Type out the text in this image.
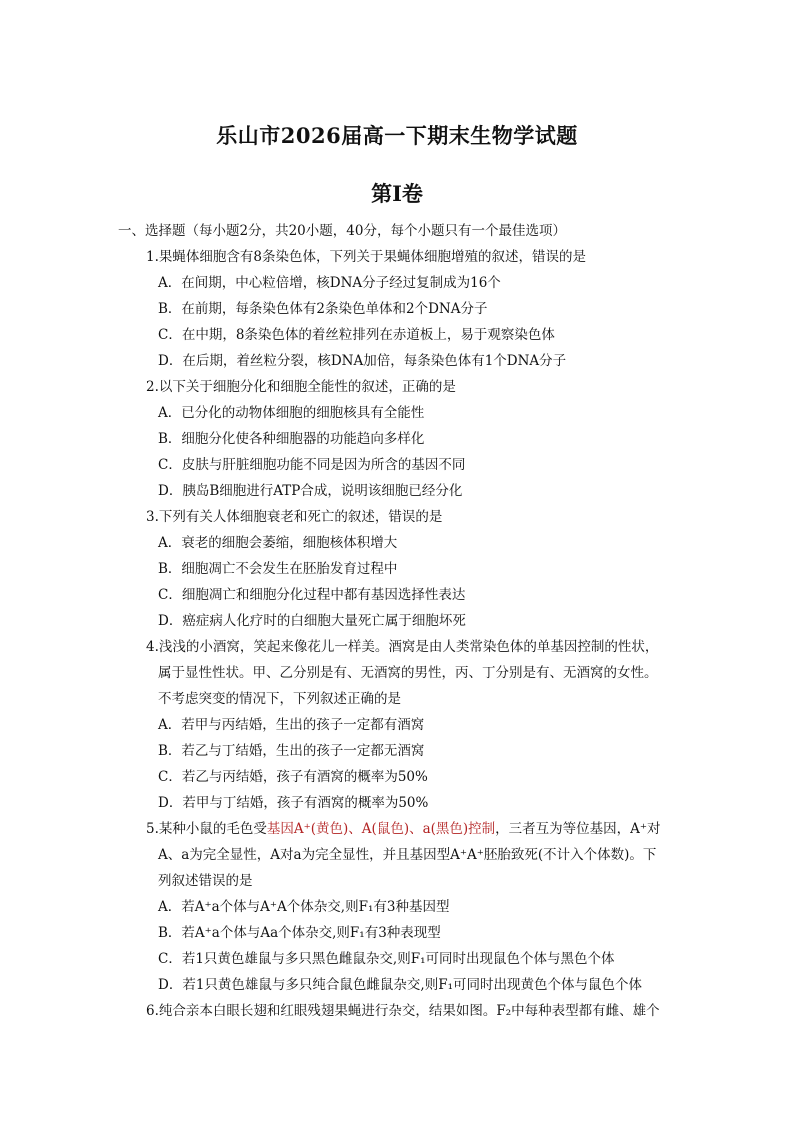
乐山市2026届高一下期末生物学试题
第Ⅰ卷
一、选择题（每小题2分，共20小题，40分，每个小题只有一个最佳选项）
1.果蝇体细胞含有8条染色体，下列关于果蝇体细胞增殖的叙述，错误的是
A．在间期，中心粒倍增，核DNA分子经过复制成为16个
B．在前期，每条染色体有2条染色单体和2个DNA分子
C．在中期，8条染色体的着丝粒排列在赤道板上，易于观察染色体
D．在后期，着丝粒分裂，核DNA加倍，每条染色体有1个DNA分子
2.以下关于细胞分化和细胞全能性的叙述，正确的是
A．已分化的动物体细胞的细胞核具有全能性
B．细胞分化使各种细胞器的功能趋向多样化
C．皮肤与肝脏细胞功能不同是因为所含的基因不同
D．胰岛B细胞进行ATP合成，说明该细胞已经分化
3.下列有关人体细胞衰老和死亡的叙述，错误的是
A．衰老的细胞会萎缩，细胞核体积增大
B．细胞凋亡不会发生在胚胎发育过程中
C．细胞凋亡和细胞分化过程中都有基因选择性表达
D．癌症病人化疗时的白细胞大量死亡属于细胞坏死
4.浅浅的小酒窝，笑起来像花儿一样美。酒窝是由人类常染色体的单基因控制的性状，
属于显性性状。甲、乙分别是有、无酒窝的男性，丙、丁分别是有、无酒窝的女性。
不考虑突变的情况下，下列叙述正确的是
A．若甲与丙结婚，生出的孩子一定都有酒窝
B．若乙与丁结婚，生出的孩子一定都无酒窝
C．若乙与丙结婚，孩子有酒窝的概率为50%
D．若甲与丁结婚，孩子有酒窝的概率为50%
5.某种小鼠的毛色受基因A⁺(黄色)、A(鼠色)、a(黑色)控制，三者互为等位基因，A⁺对
A、a为完全显性，A对a为完全显性，并且基因型A⁺A⁺胚胎致死(不计入个体数)。下
列叙述错误的是
A．若A⁺a个体与A⁺A个体杂交,则F₁有3种基因型
B．若A⁺a个体与Aa个体杂交,则F₁有3种表现型
C．若1只黄色雄鼠与多只黑色雌鼠杂交,则F₁可同时出现鼠色个体与黑色个体
D．若1只黄色雄鼠与多只纯合鼠色雌鼠杂交,则F₁可同时出现黄色个体与鼠色个体
6.纯合亲本白眼长翅和红眼残翅果蝇进行杂交，结果如图。F₂中每种表型都有雌、雄个
